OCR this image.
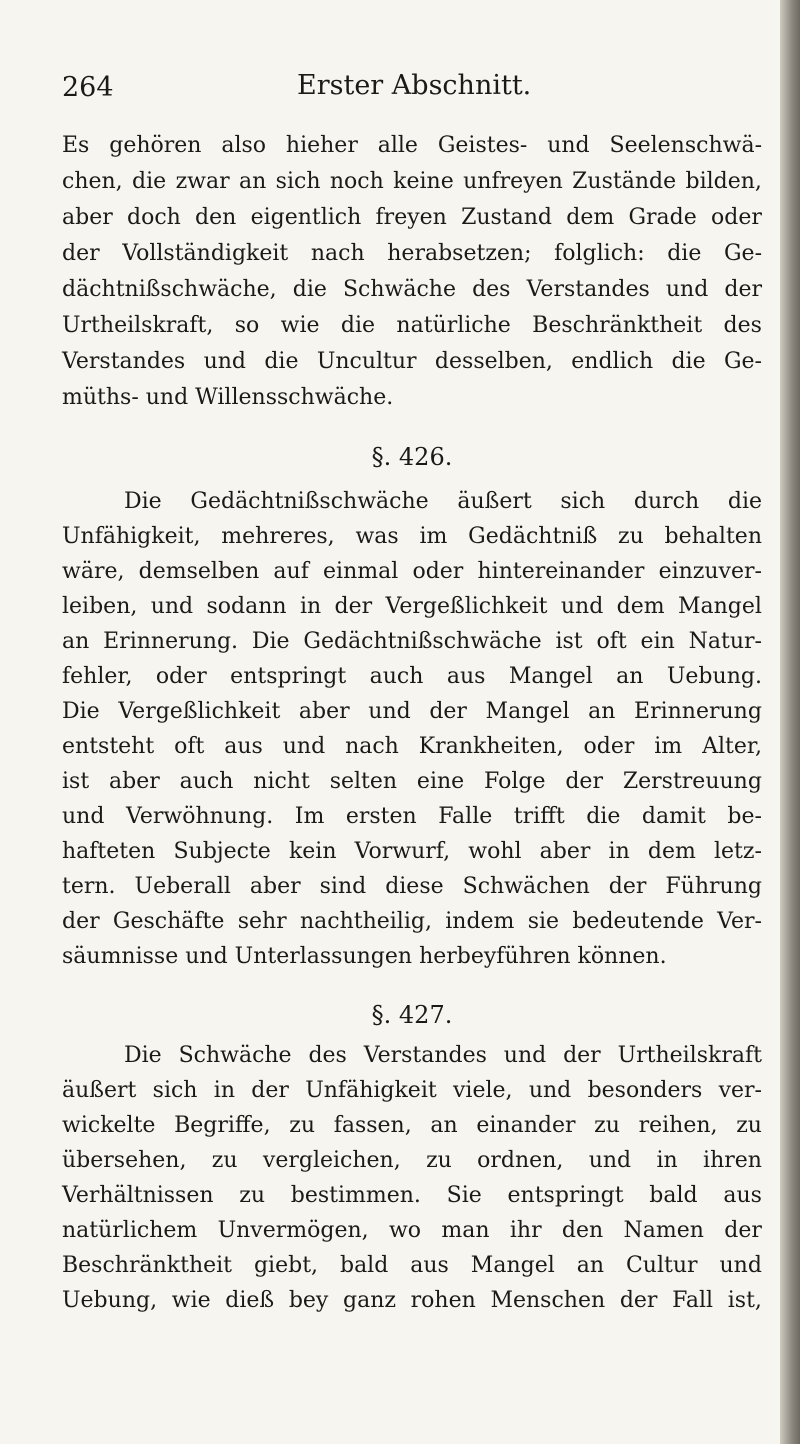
264	Erster Abschnitt.
Es gehören also hieher alle Geistes- und Seelenschwä-
chen, die zwar an sich noch keine unfreyen Zustände bilden,
aber doch den eigentlich freyen Zustand dem Grade oder
der Vollständigkeit nach herabsetzen; folglich: die Ge-
dächtnißschwäche, die Schwäche des Verstandes und der
Urtheilskraft, so wie die natürliche Beschränktheit des
Verstandes und die Uncultur desselben, endlich die Ge-
müths- und Willensschwäche.
§. 426.
Die Gedächtnißschwäche äußert sich durch die
Unfähigkeit, mehreres, was im Gedächtniß zu behalten
wäre, demselben auf einmal oder hintereinander einzuver-
leiben, und sodann in der Vergeßlichkeit und dem Mangel
an Erinnerung. Die Gedächtnißschwäche ist oft ein Natur-
fehler, oder entspringt auch aus Mangel an Uebung.
Die Vergeßlichkeit aber und der Mangel an Erinnerung
entsteht oft aus und nach Krankheiten, oder im Alter,
ist aber auch nicht selten eine Folge der Zerstreuung
und Verwöhnung. Im ersten Falle trifft die damit be-
hafteten Subjecte kein Vorwurf, wohl aber in dem letz-
tern. Ueberall aber sind diese Schwächen der Führung
der Geschäfte sehr nachtheilig, indem sie bedeutende Ver-
säumnisse und Unterlassungen herbeyführen können.
§. 427.
Die Schwäche des Verstandes und der Urtheilskraft
äußert sich in der Unfähigkeit viele, und besonders ver-
wickelte Begriffe, zu fassen, an einander zu reihen, zu
übersehen, zu vergleichen, zu ordnen, und in ihren
Verhältnissen zu bestimmen. Sie entspringt bald aus
natürlichem Unvermögen, wo man ihr den Namen der
Beschränktheit giebt, bald aus Mangel an Cultur und
Uebung, wie dieß bey ganz rohen Menschen der Fall ist,
